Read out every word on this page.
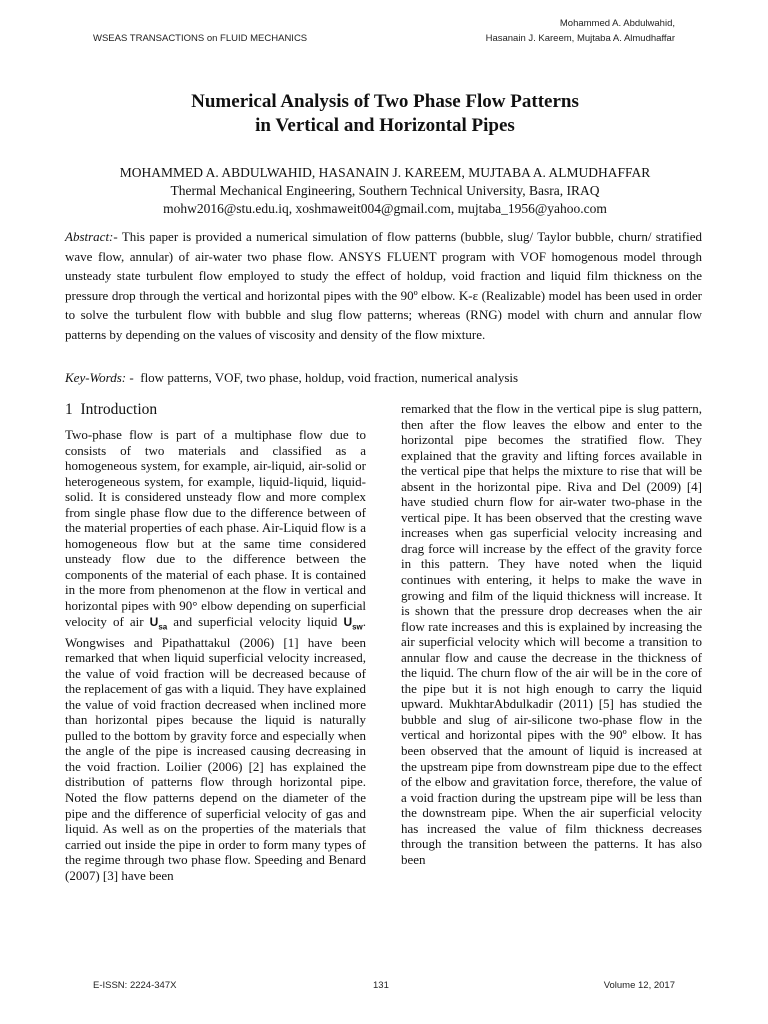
WSEAS TRANSACTIONS on FLUID MECHANICS
Mohammed A. Abdulwahid,
Hasanain J. Kareem, Mujtaba A. Almudhaffar
Numerical Analysis of Two Phase Flow Patterns
in Vertical and Horizontal Pipes
MOHAMMED A. ABDULWAHID, HASANAIN J. KAREEM, MUJTABA A. ALMUDHAFFAR
Thermal Mechanical Engineering, Southern Technical University, Basra, IRAQ
mohw2016@stu.edu.iq, xoshmaweit004@gmail.com, mujtaba_1956@yahoo.com
Abstract:- This paper is provided a numerical simulation of flow patterns (bubble, slug/ Taylor bubble, churn/ stratified wave flow, annular) of air-water two phase flow. ANSYS FLUENT program with VOF homogenous model through unsteady state turbulent flow employed to study the effect of holdup, void fraction and liquid film thickness on the pressure drop through the vertical and horizontal pipes with the 90º elbow. K-ε (Realizable) model has been used in order to solve the turbulent flow with bubble and slug flow patterns; whereas (RNG) model with churn and annular flow patterns by depending on the values of viscosity and density of the flow mixture.
Key-Words: - flow patterns, VOF, two phase, holdup, void fraction, numerical analysis
1 Introduction
Two-phase flow is part of a multiphase flow due to consists of two materials and classified as a homogeneous system, for example, air-liquid, air-solid or heterogeneous system, for example, liquid-liquid, liquid-solid. It is considered unsteady flow and more complex from single phase flow due to the difference between of the material properties of each phase. Air-Liquid flow is a homogeneous flow but at the same time considered unsteady flow due to the difference between the components of the material of each phase. It is contained in the more from phenomenon at the flow in vertical and horizontal pipes with 90° elbow depending on superficial velocity of air $U_{sa}$ and superficial velocity liquid $U_{sw}$. Wongwises and Pipathattakul (2006) [1] have been remarked that when liquid superficial velocity increased, the value of void fraction will be decreased because of the replacement of gas with a liquid. They have explained the value of void fraction decreased when inclined more than horizontal pipes because the liquid is naturally pulled to the bottom by gravity force and especially when the angle of the pipe is increased causing decreasing in the void fraction. Loilier (2006) [2] has explained the distribution of patterns flow through horizontal pipe. Noted the flow patterns depend on the diameter of the pipe and the difference of superficial velocity of gas and liquid. As well as on the properties of the materials that carried out inside the pipe in order to form many types of the regime through two phase flow. Speeding and Benard (2007) [3] have been
remarked that the flow in the vertical pipe is slug pattern, then after the flow leaves the elbow and enter to the horizontal pipe becomes the stratified flow. They explained that the gravity and lifting forces available in the vertical pipe that helps the mixture to rise that will be absent in the horizontal pipe. Riva and Del (2009) [4] have studied churn flow for air-water two-phase in the vertical pipe. It has been observed that the cresting wave increases when gas superficial velocity increasing and drag force will increase by the effect of the gravity force in this pattern. They have noted when the liquid continues with entering, it helps to make the wave in growing and film of the liquid thickness will increase. It is shown that the pressure drop decreases when the air flow rate increases and this is explained by increasing the air superficial velocity which will become a transition to annular flow and cause the decrease in the thickness of the liquid. The churn flow of the air will be in the core of the pipe but it is not high enough to carry the liquid upward. MukhtarAbdulkadir (2011) [5] has studied the bubble and slug of air-silicone two-phase flow in the vertical and horizontal pipes with the 90º elbow. It has been observed that the amount of liquid is increased at the upstream pipe from downstream pipe due to the effect of the elbow and gravitation force, therefore, the value of a void fraction during the upstream pipe will be less than the downstream pipe. When the air superficial velocity has increased the value of film thickness decreases through the transition between the patterns. It has also been
E-ISSN: 2224-347X	131	Volume 12, 2017
